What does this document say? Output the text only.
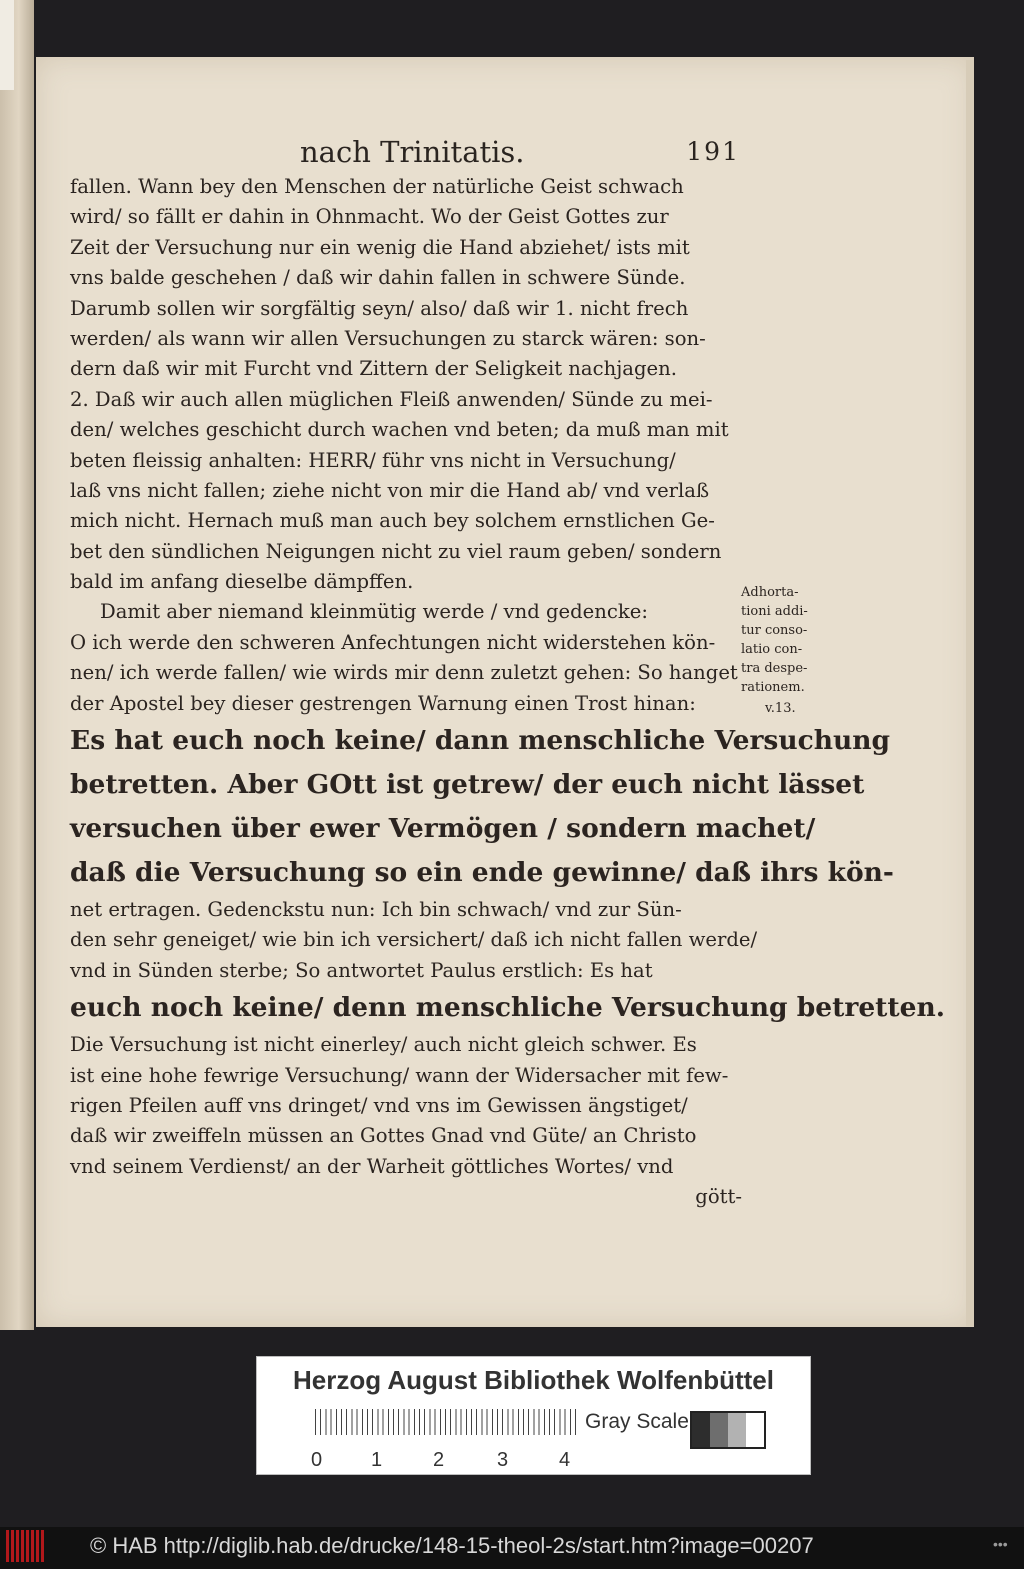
nach Trinitatis.	191
fallen. Wann bey den Menschen der natürliche Geist schwach
wird/ so fällt er dahin in Ohnmacht. Wo der Geist Gottes zur
Zeit der Versuchung nur ein wenig die Hand abziehet/ ists mit
vns balde geschehen / daß wir dahin fallen in schwere Sünde.
Darumb sollen wir sorgfältig seyn/ also/ daß wir 1. nicht frech
werden/ als wann wir allen Versuchungen zu starck wären: son-
dern daß wir mit Furcht vnd Zittern der Seligkeit nachjagen.
2. Daß wir auch allen müglichen Fleiß anwenden/ Sünde zu mei-
den/ welches geschicht durch wachen vnd beten; da muß man mit
beten fleissig anhalten: HERR/ führ vns nicht in Versuchung/
laß vns nicht fallen; ziehe nicht von mir die Hand ab/ vnd verlaß
mich nicht. Hernach muß man auch bey solchem ernstlichen Ge-
bet den sündlichen Neigungen nicht zu viel raum geben/ sondern
bald im anfang dieselbe dämpffen.
Damit aber niemand kleinmütig werde / vnd gedencke:
O ich werde den schweren Anfechtungen nicht widerstehen kön-
nen/ ich werde fallen/ wie wirds mir denn zuletzt gehen: So hanget
der Apostel bey dieser gestrengen Warnung einen Trost hinan:
Es hat euch noch keine/ dann menschliche Versuchung
betretten. Aber GOtt ist getrew/ der euch nicht lässet
versuchen über ewer Vermögen / sondern machet/
daß die Versuchung so ein ende gewinne/ daß ihrs kön-
net ertragen. Gedenckstu nun: Ich bin schwach/ vnd zur Sün-
den sehr geneiget/ wie bin ich versichert/ daß ich nicht fallen werde/
vnd in Sünden sterbe; So antwortet Paulus erstlich: Es hat
euch noch keine/ denn menschliche Versuchung betretten.
Die Versuchung ist nicht einerley/ auch nicht gleich schwer. Es
ist eine hohe fewrige Versuchung/ wann der Widersacher mit few-
rigen Pfeilen auff vns dringet/ vnd vns im Gewissen ängstiget/
daß wir zweiffeln müssen an Gottes Gnad vnd Güte/ an Christo
vnd seinem Verdienst/ an der Warheit göttliches Wortes/ vnd
gött-
Adhorta-
tioni addi-
tur conso-
latio con-
tra despe-
rationem.
v.13.
Herzog August Bibliothek Wolfenbüttel
0 1	2	3	4
Gray Scale
© HAB http://diglib.hab.de/drucke/148-15-theol-2s/start.htm?image=00207	•••
